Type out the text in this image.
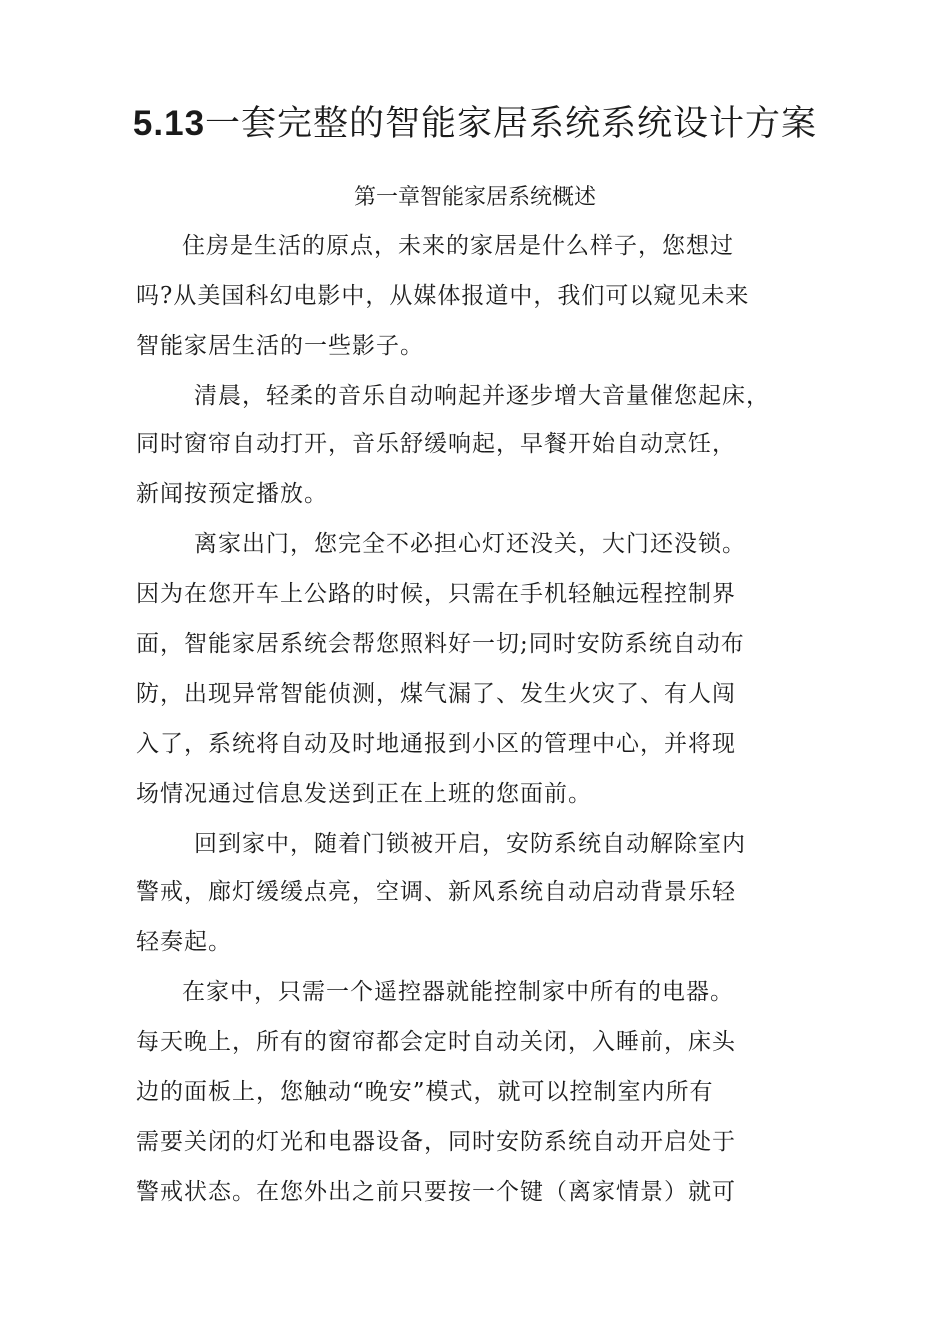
5.13一套完整的智能家居系统系统设计方案
第一章智能家居系统概述
住房是生活的原点，未来的家居是什么样子，您想过
吗?从美国科幻电影中，从媒体报道中，我们可以窥见未来
智能家居生活的一些影子。
清晨，轻柔的音乐自动响起并逐步增大音量催您起床，
同时窗帘自动打开，音乐舒缓响起，早餐开始自动烹饪，
新闻按预定播放。
离家出门，您完全不必担心灯还没关，大门还没锁。
因为在您开车上公路的时候，只需在手机轻触远程控制界
面，智能家居系统会帮您照料好一切;同时安防系统自动布
防，出现异常智能侦测，煤气漏了、发生火灾了、有人闯
入了，系统将自动及时地通报到小区的管理中心，并将现
场情况通过信息发送到正在上班的您面前。
回到家中，随着门锁被开启，安防系统自动解除室内
警戒，廊灯缓缓点亮，空调、新风系统自动启动背景乐轻
轻奏起。
在家中，只需一个遥控器就能控制家中所有的电器。
每天晚上，所有的窗帘都会定时自动关闭，入睡前，床头
边的面板上，您触动“晚安”模式，就可以控制室内所有
需要关闭的灯光和电器设备，同时安防系统自动开启处于
警戒状态。在您外出之前只要按一个键（离家情景）就可
